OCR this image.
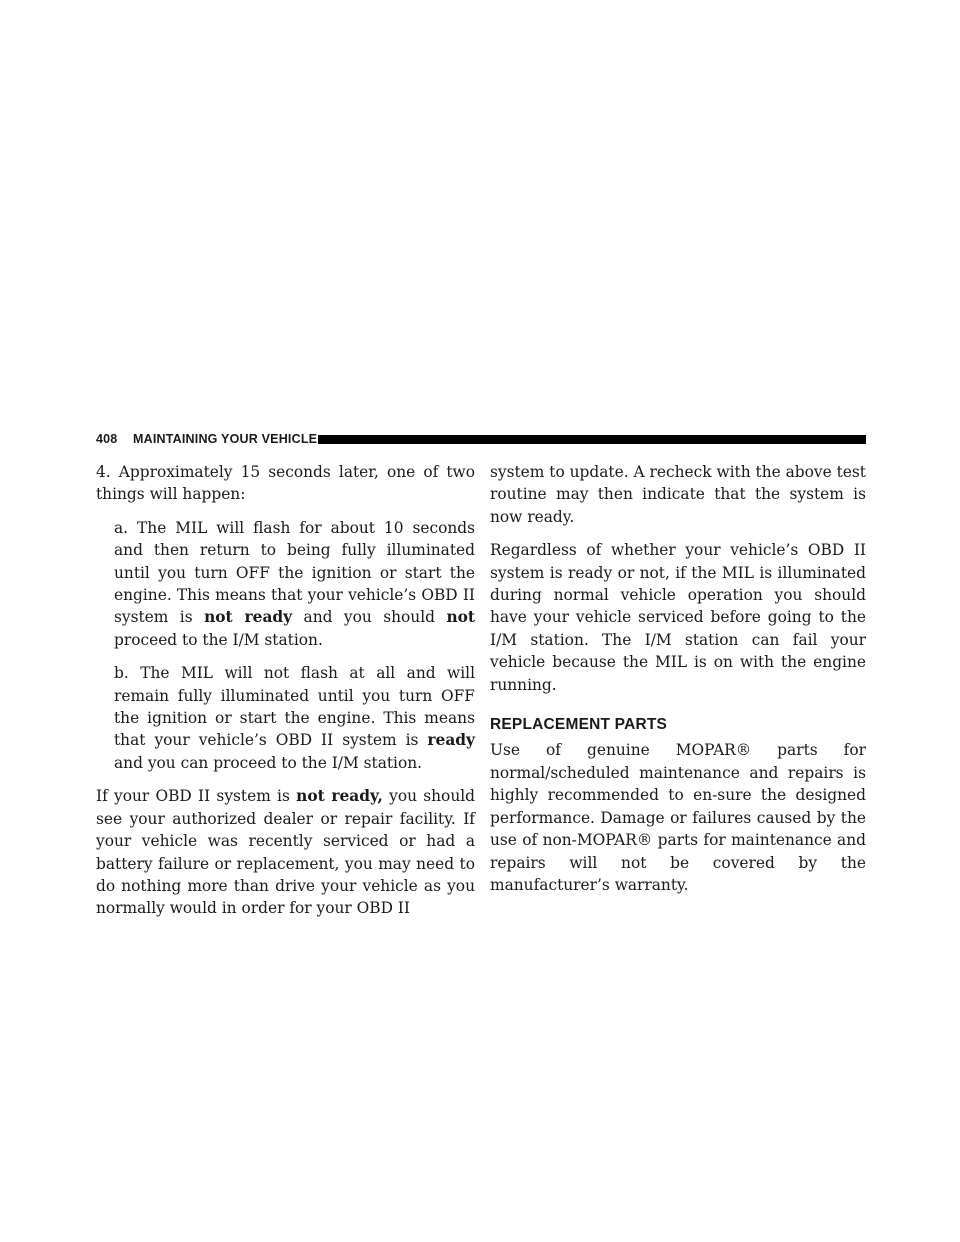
408 MAINTAINING YOUR VEHICLE

4. Approximately 15 seconds later, one of two things will happen:

a. The MIL will flash for about 10 seconds and then return to being fully illuminated until you turn OFF the ignition or start the engine. This means that your vehicle’s OBD II system is not ready and you should not proceed to the I/M station.

b. The MIL will not flash at all and will remain fully illuminated until you turn OFF the ignition or start the engine. This means that your vehicle’s OBD II system is ready and you can proceed to the I/M station.

If your OBD II system is not ready, you should see your authorized dealer or repair facility. If your vehicle was recently serviced or had a battery failure or replacement, you may need to do nothing more than drive your vehicle as you normally would in order for your OBD II

system to update. A recheck with the above test routine may then indicate that the system is now ready.

Regardless of whether your vehicle’s OBD II system is ready or not, if the MIL is illuminated during normal vehicle operation you should have your vehicle serviced before going to the I/M station. The I/M station can fail your vehicle because the MIL is on with the engine running.

REPLACEMENT PARTS

Use of genuine MOPAR® parts for normal/scheduled maintenance and repairs is highly recommended to en-sure the designed performance. Damage or failures caused by the use of non-MOPAR® parts for maintenance and repairs will not be covered by the manufacturer’s warranty.
